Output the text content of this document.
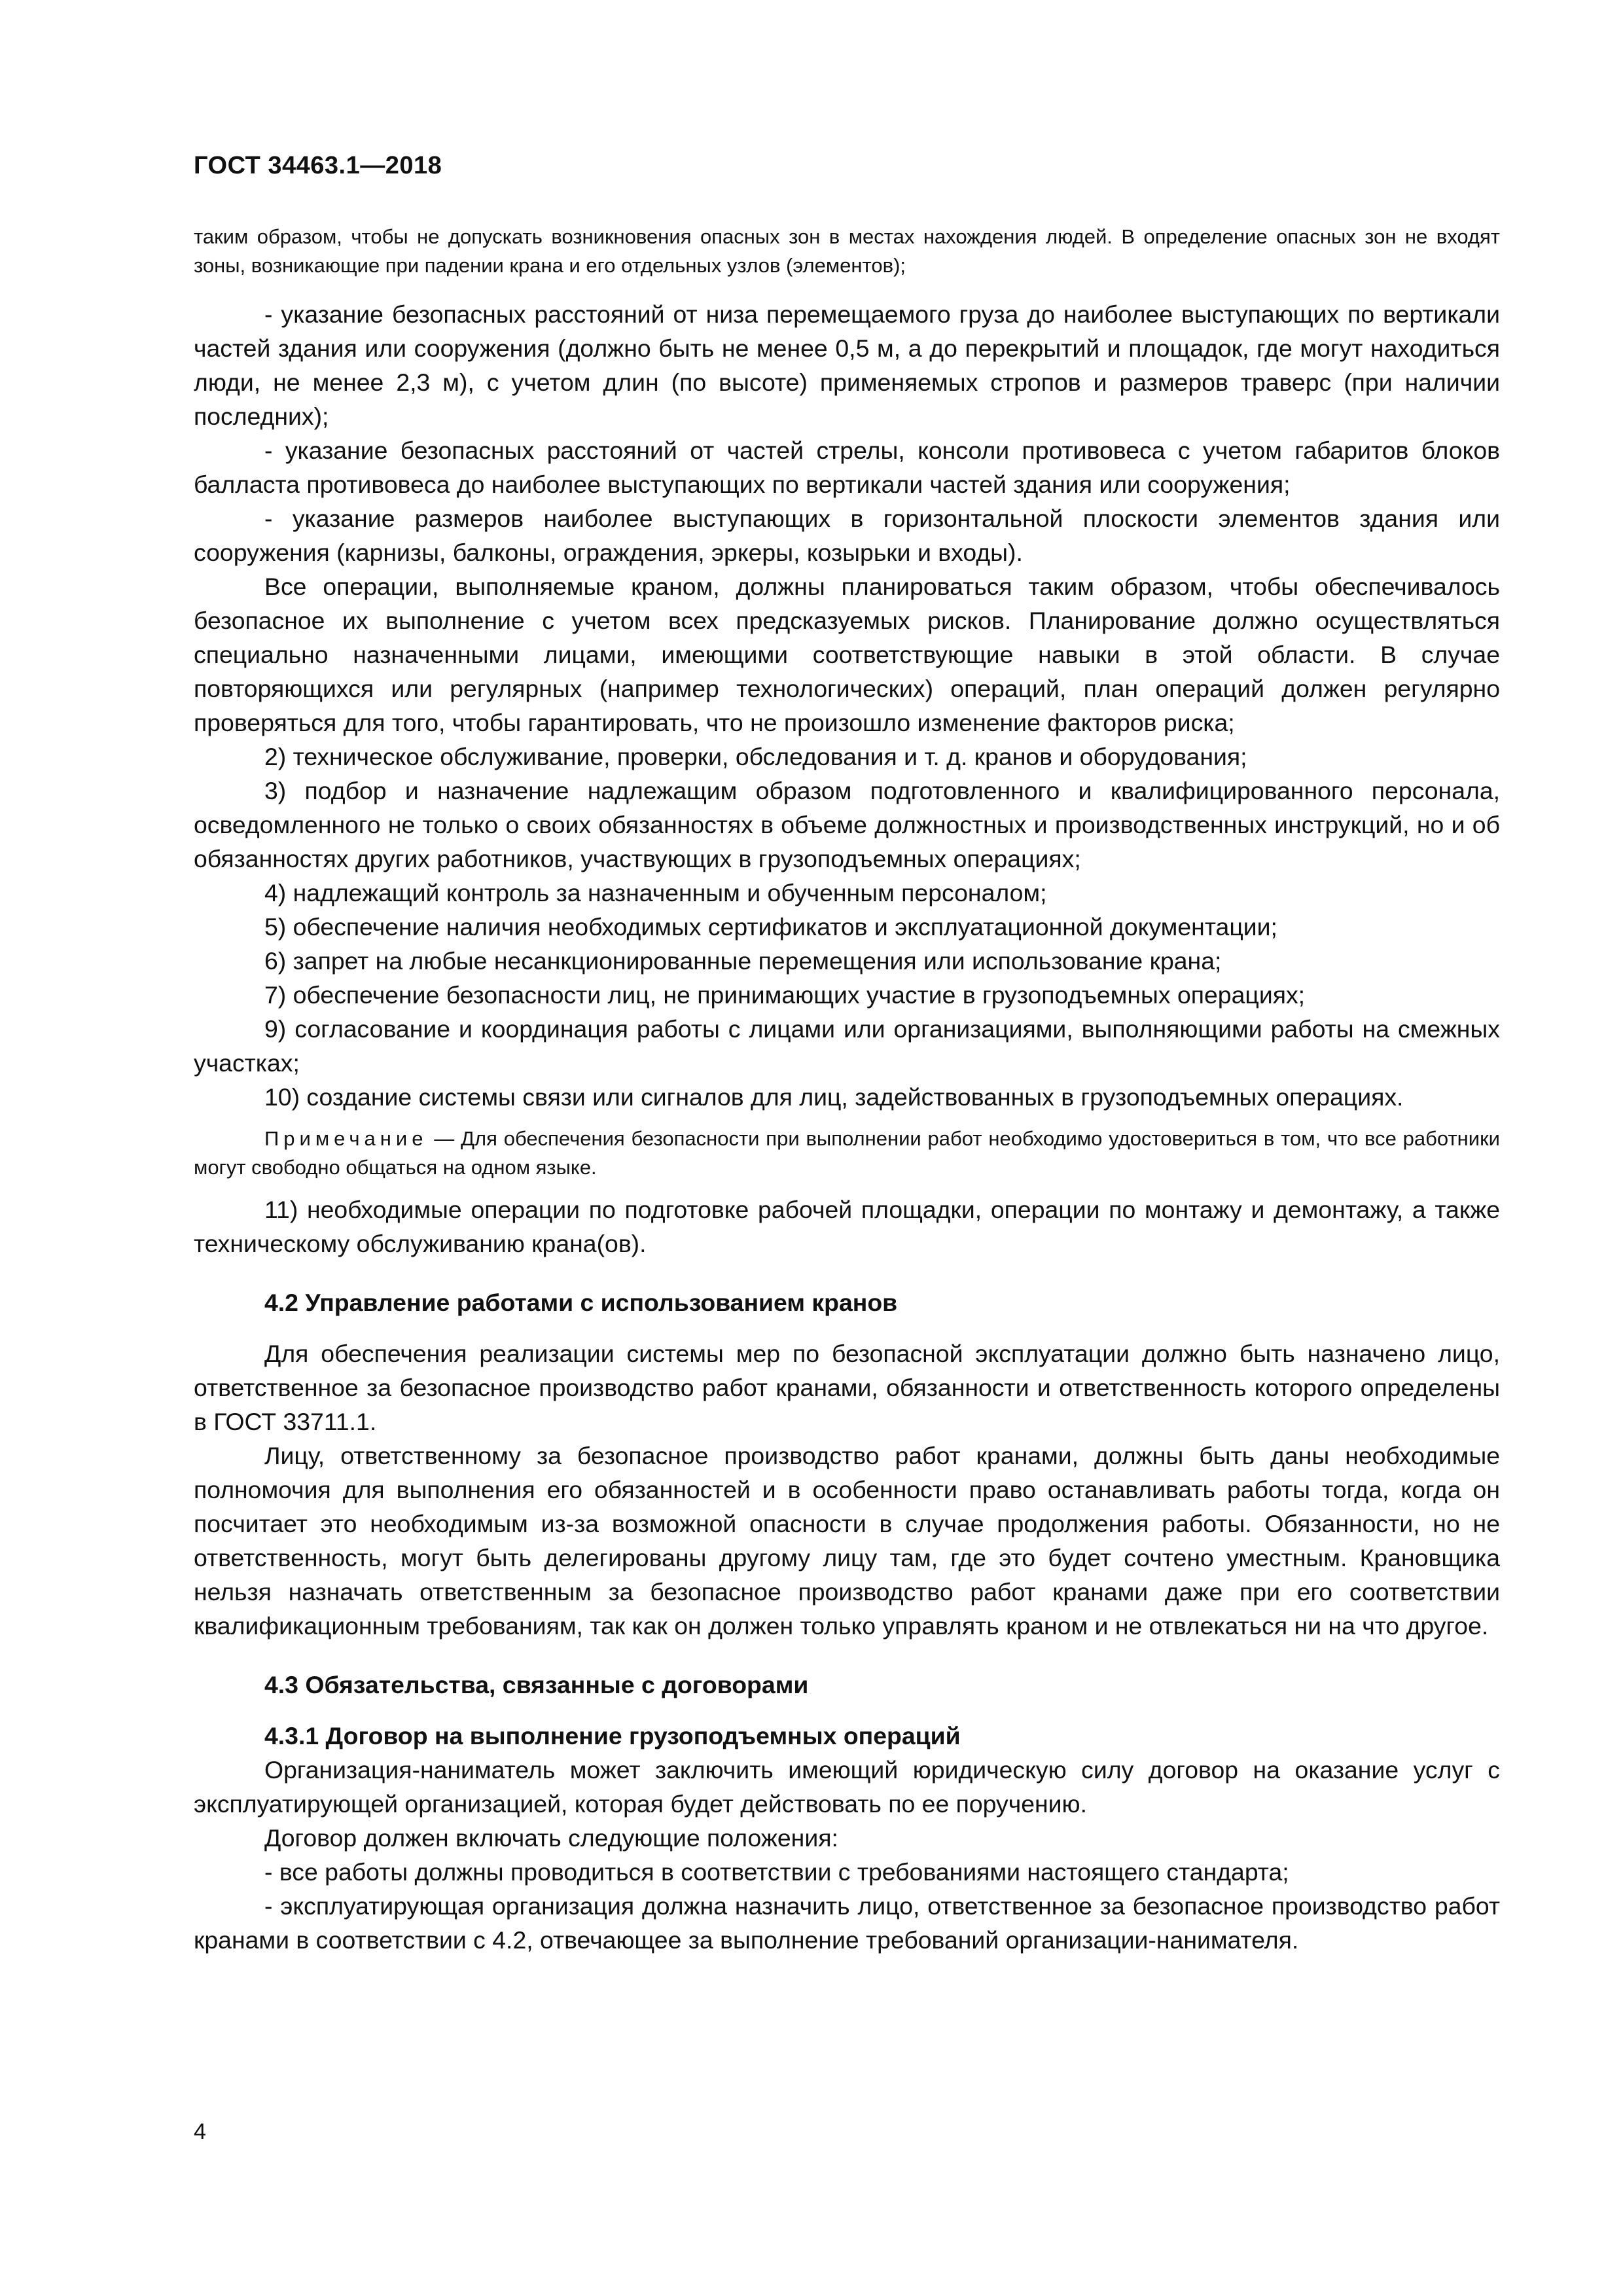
ГОСТ 34463.1—2018

таким образом, чтобы не допускать возникновения опасных зон в местах нахождения людей. В определение опасных зон не входят зоны, возникающие при падении крана и его отдельных узлов (элементов);

- указание безопасных расстояний от низа перемещаемого груза до наиболее выступающих по вертикали частей здания или сооружения (должно быть не менее 0,5 м, а до перекрытий и площадок, где могут находиться люди, не менее 2,3 м), с учетом длин (по высоте) применяемых стропов и размеров траверс (при наличии последних);

- указание безопасных расстояний от частей стрелы, консоли противовеса с учетом габаритов блоков балласта противовеса до наиболее выступающих по вертикали частей здания или сооружения;

- указание размеров наиболее выступающих в горизонтальной плоскости элементов здания или сооружения (карнизы, балконы, ограждения, эркеры, козырьки и входы).

Все операции, выполняемые краном, должны планироваться таким образом, чтобы обеспечивалось безопасное их выполнение с учетом всех предсказуемых рисков. Планирование должно осуществляться специально назначенными лицами, имеющими соответствующие навыки в этой области. В случае повторяющихся или регулярных (например технологических) операций, план операций должен регулярно проверяться для того, чтобы гарантировать, что не произошло изменение факторов риска;

2) техническое обслуживание, проверки, обследования и т. д. кранов и оборудования;

3) подбор и назначение надлежащим образом подготовленного и квалифицированного персонала, осведомленного не только о своих обязанностях в объеме должностных и производственных инструкций, но и об обязанностях других работников, участвующих в грузоподъемных операциях;

4) надлежащий контроль за назначенным и обученным персоналом;

5) обеспечение наличия необходимых сертификатов и эксплуатационной документации;

6) запрет на любые несанкционированные перемещения или использование крана;

7) обеспечение безопасности лиц, не принимающих участие в грузоподъемных операциях;

9) согласование и координация работы с лицами или организациями, выполняющими работы на смежных участках;

10) создание системы связи или сигналов для лиц, задействованных в грузоподъемных операциях.

Примечание — Для обеспечения безопасности при выполнении работ необходимо удостовериться в том, что все работники могут свободно общаться на одном языке.

11) необходимые операции по подготовке рабочей площадки, операции по монтажу и демонтажу, а также техническому обслуживанию крана(ов).

4.2 Управление работами с использованием кранов

Для обеспечения реализации системы мер по безопасной эксплуатации должно быть назначено лицо, ответственное за безопасное производство работ кранами, обязанности и ответственность которого определены в ГОСТ 33711.1.

Лицу, ответственному за безопасное производство работ кранами, должны быть даны необходимые полномочия для выполнения его обязанностей и в особенности право останавливать работы тогда, когда он посчитает это необходимым из-за возможной опасности в случае продолжения работы. Обязанности, но не ответственность, могут быть делегированы другому лицу там, где это будет сочтено уместным. Крановщика нельзя назначать ответственным за безопасное производство работ кранами даже при его соответствии квалификационным требованиям, так как он должен только управлять краном и не отвлекаться ни на что другое.

4.3 Обязательства, связанные с договорами
4.3.1 Договор на выполнение грузоподъемных операций

Организация-наниматель может заключить имеющий юридическую силу договор на оказание услуг с эксплуатирующей организацией, которая будет действовать по ее поручению.

Договор должен включать следующие положения:

- все работы должны проводиться в соответствии с требованиями настоящего стандарта;

- эксплуатирующая организация должна назначить лицо, ответственное за безопасное производство работ кранами в соответствии с 4.2, отвечающее за выполнение требований организации-нанимателя.

4
